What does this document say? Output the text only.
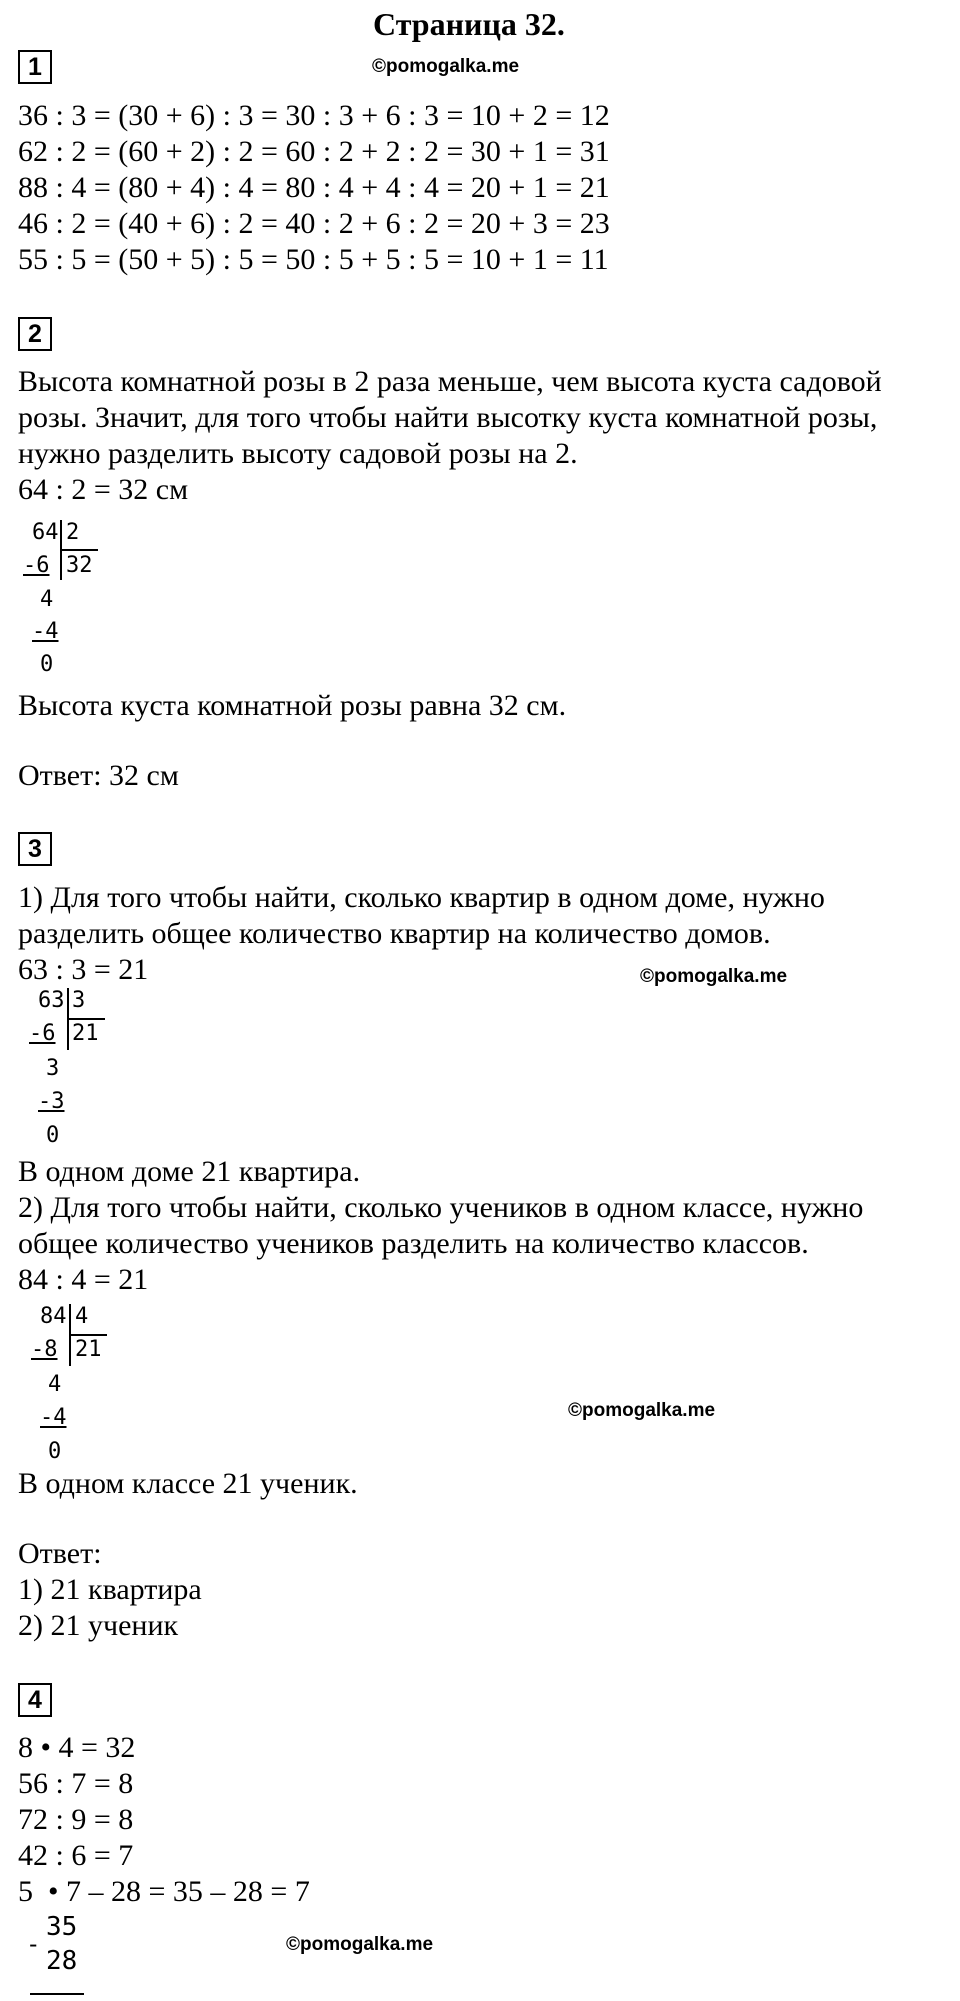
Страница 32.
©pomogalka.me
©pomogalka.me
©pomogalka.me
©pomogalka.me
1
36 : 3 = (30 + 6) : 3 = 30 : 3 + 6 : 3 = 10 + 2 = 12
62 : 2 = (60 + 2) : 2 = 60 : 2 + 2 : 2 = 30 + 1 = 31
88 : 4 = (80 + 4) : 4 = 80 : 4 + 4 : 4 = 20 + 1 = 21
46 : 2 = (40 + 6) : 2 = 40 : 2 + 6 : 2 = 20 + 3 = 23
55 : 5 = (50 + 5) : 5 = 50 : 5 + 5 : 5 = 10 + 1 = 11
2
Высота комнатной розы в 2 раза меньше, чем высота куста садовой
розы. Значит, для того чтобы найти высотку куста комнатной розы,
нужно разделить высоту садовой розы на 2.
64 : 2 = 32 см
64 2
-6 32
4
-4
0
Высота куста комнатной розы равна 32 см.
Ответ: 32 см
3
1) Для того чтобы найти, сколько квартир в одном доме, нужно
разделить общее количество квартир на количество домов.
63 : 3 = 21
63 3
-6 21
3
-3
0
В одном доме 21 квартира.
2) Для того чтобы найти, сколько учеников в одном классе, нужно
общее количество учеников разделить на количество классов.
84 : 4 = 21
84 4
-8 21
4
-4
0
В одном классе 21 ученик.
Ответ:
1) 21 квартира
2) 21 ученик
4
8 • 4 = 32
56 : 7 = 8
72 : 9 = 8
42 : 6 = 7
5  • 7 – 28 = 35 – 28 = 7
-
35
28
